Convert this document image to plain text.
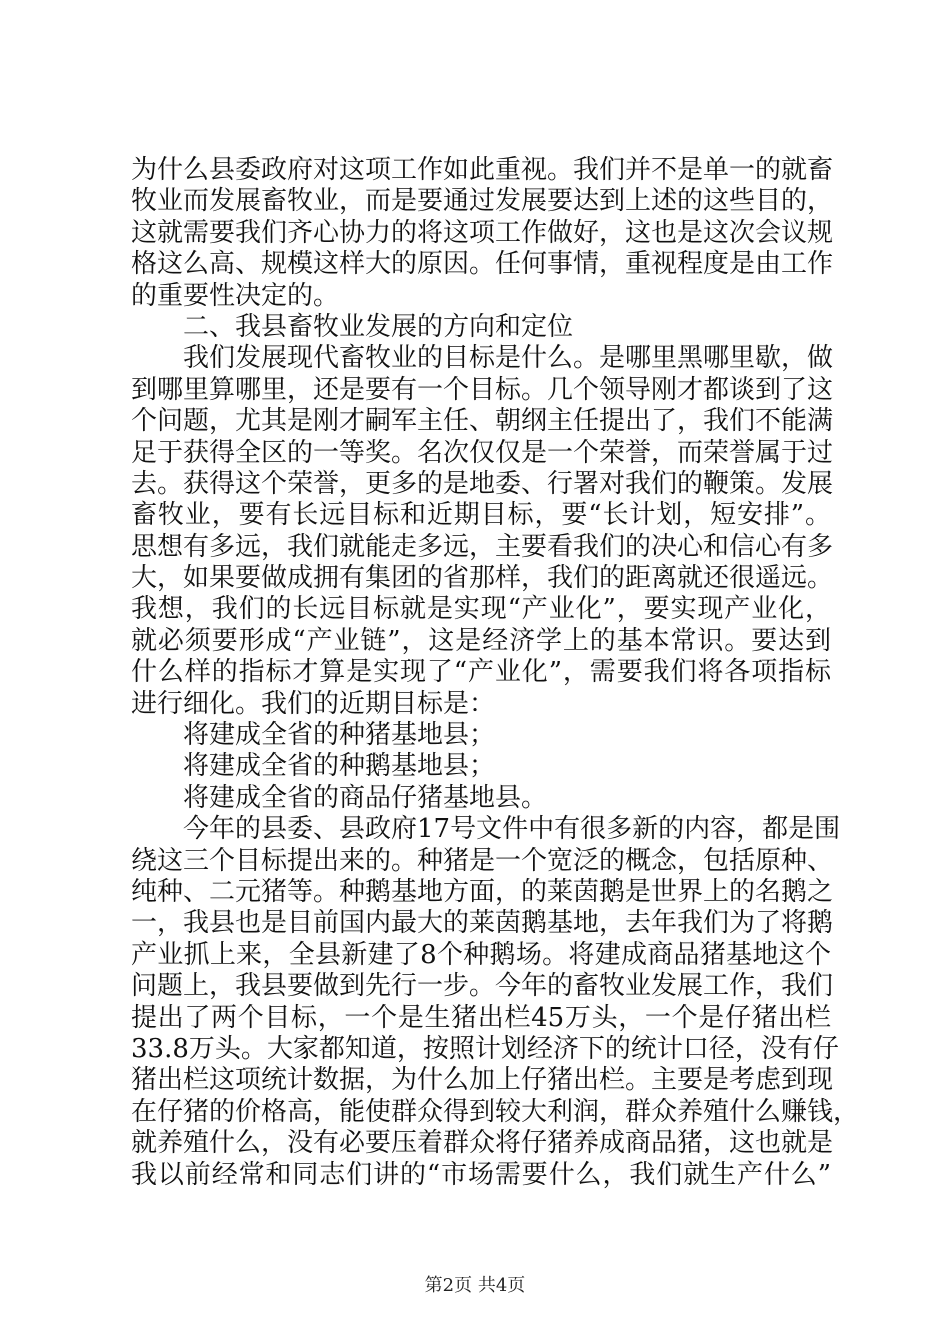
为什么县委政府对这项工作如此重视。我们并不是单一的就畜
牧业而发展畜牧业，而是要通过发展要达到上述的这些目的，
这就需要我们齐心协力的将这项工作做好，这也是这次会议规
格这么高、规模这样大的原因。任何事情，重视程度是由工作
的重要性决定的。
二、我县畜牧业发展的方向和定位
我们发展现代畜牧业的目标是什么。是哪里黑哪里歇，做
到哪里算哪里，还是要有一个目标。几个领导刚才都谈到了这
个问题，尤其是刚才嗣军主任、朝纲主任提出了，我们不能满
足于获得全区的一等奖。名次仅仅是一个荣誉，而荣誉属于过
去。获得这个荣誉，更多的是地委、行署对我们的鞭策。发展
畜牧业，要有长远目标和近期目标，要“长计划，短安排”。
思想有多远，我们就能走多远，主要看我们的决心和信心有多
大，如果要做成拥有集团的省那样，我们的距离就还很遥远。
我想，我们的长远目标就是实现“产业化”，要实现产业化，
就必须要形成“产业链”，这是经济学上的基本常识。要达到
什么样的指标才算是实现了“产业化”，需要我们将各项指标
进行细化。我们的近期目标是：
将建成全省的种猪基地县；
将建成全省的种鹅基地县；
将建成全省的商品仔猪基地县。
今年的县委、县政府17号文件中有很多新的内容，都是围
绕这三个目标提出来的。种猪是一个宽泛的概念，包括原种、
纯种、二元猪等。种鹅基地方面，的莱茵鹅是世界上的名鹅之
一，我县也是目前国内最大的莱茵鹅基地，去年我们为了将鹅
产业抓上来，全县新建了8个种鹅场。将建成商品猪基地这个
问题上，我县要做到先行一步。今年的畜牧业发展工作，我们
提出了两个目标，一个是生猪出栏45万头，一个是仔猪出栏
33.8万头。大家都知道，按照计划经济下的统计口径，没有仔
猪出栏这项统计数据，为什么加上仔猪出栏。主要是考虑到现
在仔猪的价格高，能使群众得到较大利润，群众养殖什么赚钱，
就养殖什么，没有必要压着群众将仔猪养成商品猪，这也就是
我以前经常和同志们讲的“市场需要什么，我们就生产什么”
第2页 共4页
